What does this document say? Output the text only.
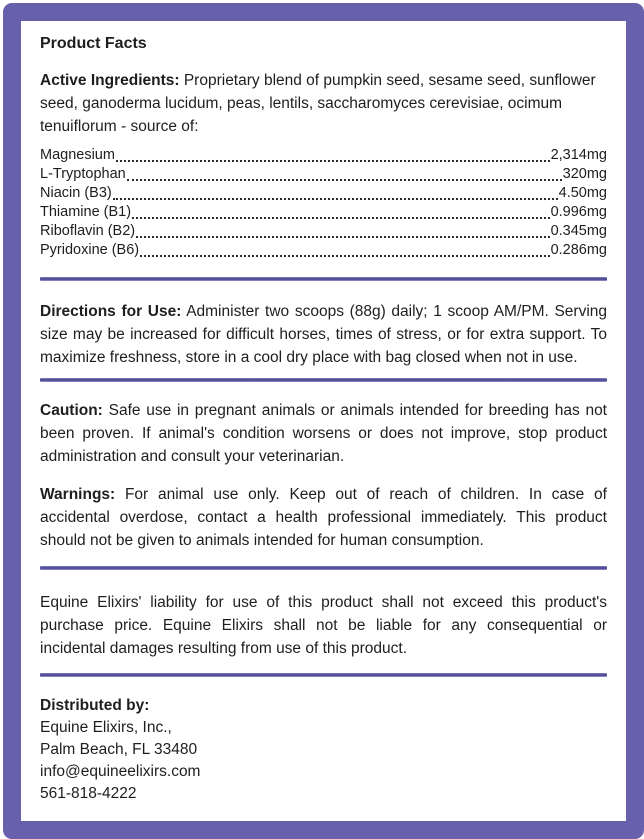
Product Facts

Active Ingredients: Proprietary blend of pumpkin seed, sesame seed, sunflower seed, ganoderma lucidum, peas, lentils, saccharomyces cerevisiae, ocimum tenuiflorum - source of:

Magnesium	2,314mg
L-Tryptophan	320mg
Niacin (B3)	4.50mg
Thiamine (B1)	0.996mg
Riboflavin (B2)	0.345mg
Pyridoxine (B6)	0.286mg

Directions for Use: Administer two scoops (88g) daily; 1 scoop AM/PM. Serving size may be increased for difficult horses, times of stress, or for extra support. To maximize freshness, store in a cool dry place with bag closed when not in use.

Caution: Safe use in pregnant animals or animals intended for breeding has not been proven. If animal's condition worsens or does not improve, stop product administration and consult your veterinarian.

Warnings: For animal use only. Keep out of reach of children. In case of accidental overdose, contact a health professional immediately. This product should not be given to animals intended for human consumption.

Equine Elixirs' liability for use of this product shall not exceed this product's purchase price. Equine Elixirs shall not be liable for any consequential or incidental damages resulting from use of this product.

Distributed by:

Equine Elixirs, Inc.,

Palm Beach, FL 33480

info@equineelixirs.com

561-818-4222
